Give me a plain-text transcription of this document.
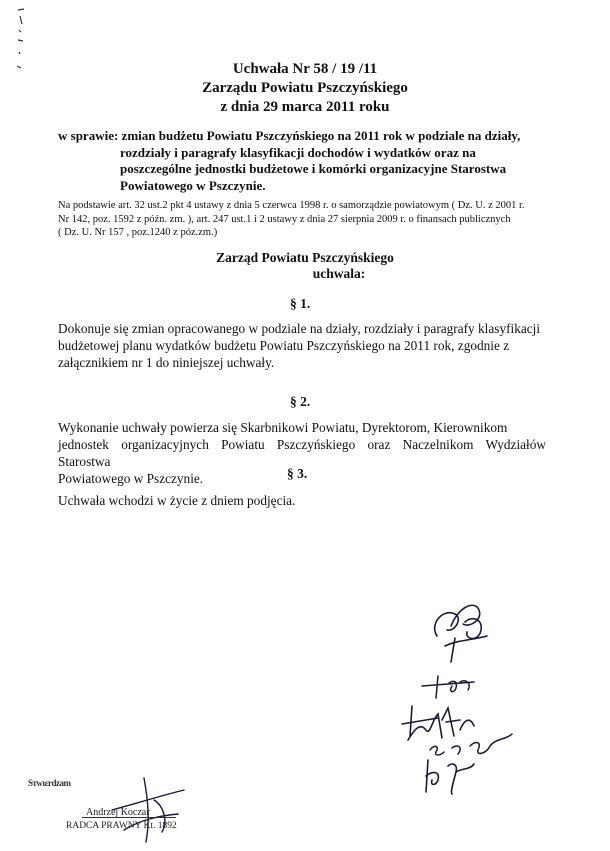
Uchwała Nr 58 / 19 /11
Zarządu Powiatu Pszczyńskiego
z dnia 29 marca 2011 roku
w sprawie: zmian budżetu Powiatu Pszczyńskiego na 2011 rok w podziale na działy,
rozdziały i paragrafy klasyfikacji dochodów i wydatków oraz na
poszczególne jednostki budżetowe i komórki organizacyjne Starostwa
Powiatowego w Pszczynie.
Na podstawie art. 32 ust.2 pkt 4 ustawy z dnia 5 czerwca 1998 r. o samorządzie powiatowym ( Dz. U. z 2001 r.
Nr 142, poz. 1592 z późn. zm. ), art. 247 ust.1 i 2 ustawy z dnia 27 sierpnia 2009 r. o finansach publicznych
( Dz. U. Nr 157 , poz.1240 z póz.zm.)
Zarząd Powiatu Pszczyńskiego
uchwala:
§ 1.
Dokonuje się zmian opracowanego w podziale na działy, rozdziały i paragrafy klasyfikacji
budżetowej planu wydatków budżetu Powiatu Pszczyńskiego na 2011 rok, zgodnie z
załącznikiem nr 1 do niniejszej uchwały.
§ 2.
Wykonanie uchwały powierza się Skarbnikowi Powiatu, Dyrektorom, Kierownikom
jednostek organizacyjnych Powiatu Pszczyńskiego oraz Naczelnikom Wydziałów Starostwa
Powiatowego w Pszczynie.	§ 3.
Uchwała wchodzi w życie z dniem podjęcia.
Sтwιεrdzam
Andrzej Koczar
RADCA PRAWNY Kt. 1892
